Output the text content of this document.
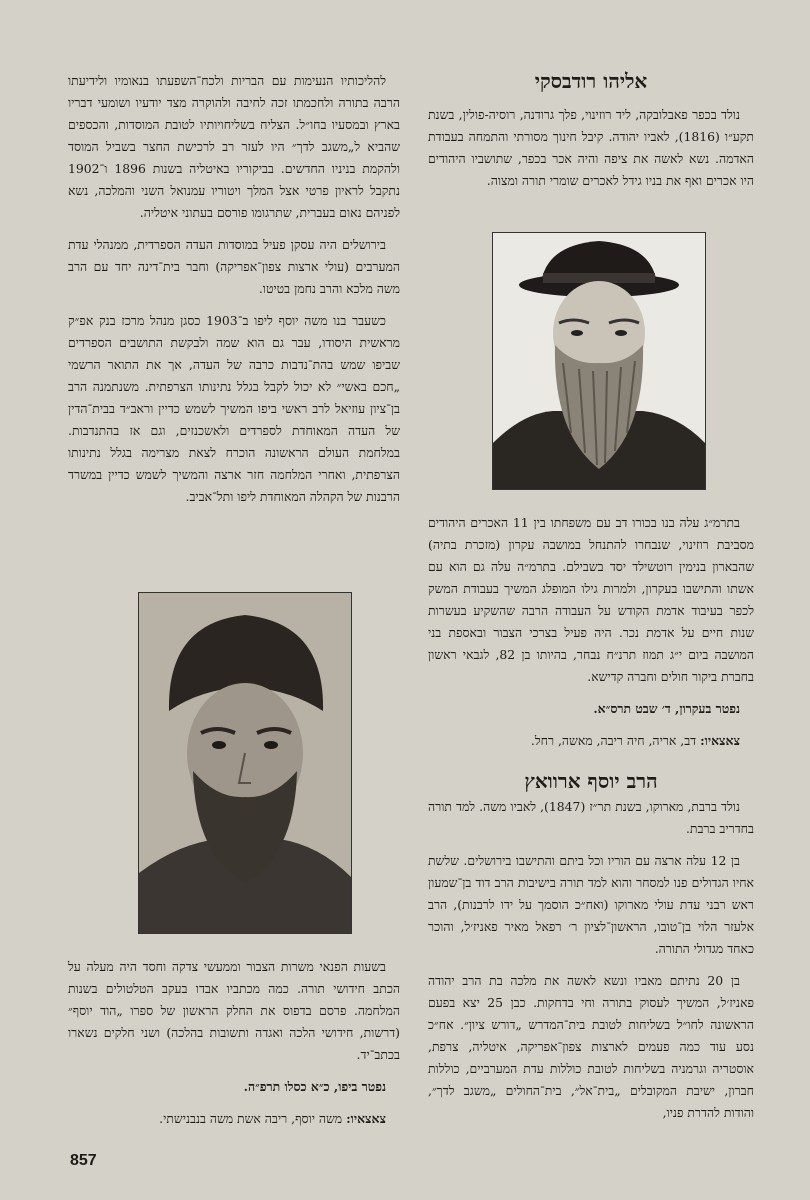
אליהו רודבסקי

נולד בכפר פאבלובקה, ליד רוזינוי, פלך גרודנה, רוסיה-פולין, בשנת תקע״ו (1816), לאביו יהודה. קיבל חינוך מסורתי והתמחה בעבודת האדמה. נשא לאשה את ציפה והיה אכר בכפר, שתושביו היהודים היו אכרים ואף את בניו גידל לאכרים שומרי תורה ומצוה.

בתרמ״ג עלה בנו בכורו דב עם משפחתו בין 11 האכרים היהודים מסביבת רוזינוי, שנבחרו להתנחל במושבה עקרון (מזכרת בתיה) שהבארון בנימין רוטשילד יסד בשבילם. בתרמ״ה עלה גם הוא עם אשתו והתישבו בעקרון, ולמרות גילו המופלג המשיך בעבודת המשק לכפר בעיבוד אדמת הקודש על העבודה הרבה שהשקיע בעשרות שנות חיים על אדמת נכר. היה פעיל בצרכי הצבור ובאספת בני המושבה ביום י״ג תמוז תרנ״ח נבחר, בהיותו בן 82, לגבאי ראשון בחברת ביקור חולים וחברה קדישא.

נפטר בעקרון, ד׳ שבט תרס״א.

צאצאיו: דב, אריה, חיה ריבה, מאשה, רחל.

הרב יוסף ארוואץ

נולד ברבת, מארוקו, בשנת תר״ז (1847), לאביו משה. למד תורה בחדריב ברבת.

בן 12 עלה ארצה עם הוריו וכל ביתם והתישבו בירושלים. שלשת אחיו הגדולים פנו למסחר והוא למד תורה בישיבות הרב דוד בן־שמעון ראש רבני עדת עולי מארוקו (ואח״כ הוסמך על ידו לרבנות), הרב אלעזר הלוי בן־טובו, הראשון־לציון ר׳ רפאל מאיר פאניז׳ל, והוכר כאחד מגדולי התורה.

בן 20 נתיתם מאביו ונשא לאשה את מלכה בת הרב יהודה פאניז׳ל, המשיך לעסוק בתורה וחי בדחקות. כבן 25 יצא בפעם הראשונה לחו״ל בשליחות לטובת בית־המדרש „דורש ציון״. אח״כ נסע עוד כמה פעמים לארצות צפון־אפריקה, איטליה, צרפת, אוסטריה וגרמניה בשליחות לטובת כוללות עדת המערביים, כוללות חברון, ישיבת המקובלים „בית־אל״, בית־החולים „משגב לדך״, והודות להדרת פניו,

להליכותיו הנעימות עם הבריות ולכח־השפעתו בנאומיו ולידיעתו הרבה בתורה ולחכמתו זכה לחיבה ולהוקרה מצד יודעיו ושומעי דבריו בארץ ובמסעיו בחו״ל. הצליח בשליחויותיו לטובת המוסדות, והכספים שהביא ל„משגב לדך״ היו לעזר רב לרכישת החצר בשביל המוסד ולהקמת בניניו החדשים. בביקוריו באיטליה בשנות 1896 ו־1902 נתקבל לראיון פרטי אצל המלך ויטוריו עמנואל השני והמלכה, נשא לפניהם נאום בעברית, שתרגומו פורסם בעתוני איטליה.

בירושלים היה עסקן פעיל במוסדות העדה הספרדית, ממנהלי עדת המערבים (עולי ארצות צפון־אפריקה) וחבר בית־דינה יחד עם הרב משה מלכא והרב נחמן בטיטו.

כשעבר בנו משה יוסף ליפו ב־1903 כסגן מנהל מרכז בנק אפ״ק מראשית היסודו, עבר גם הוא שמה ולבקשת התושבים הספרדים שביפו שמש בהת־נדבות כרבה של העדה, אך את התואר הרשמי „חכם באשי״ לא יכול לקבל בגלל נתינותו הצרפתית. משנתמנה הרב בן־ציון עוזיאל לרב ראשי ביפו המשיך לשמש כדיין וראב״ד בבית־הדין של העדה המאוחדת לספרדים ולאשכנזים, וגם אז בהתנדבות. במלחמת העולם הראשונה הוכרח לצאת מצרימה בגלל נתינותו הצרפתית, ואחרי המלחמה חזר ארצה והמשיך לשמש כדיין במשרד הרבנות של הקהלה המאוחדת ליפו ותל־אביב.

בשעות הפנאי משרות הצבור וממעשי צדקה וחסד היה מעלה על הכתב חידושי תורה. כמה מכתביו אבדו בעקב הטלטולים בשנות המלחמה. פרסם בדפוס את החלק הראשון של ספרו „הוד יוסף״ (דרשות, חידושי הלכה ואגדה ותשובות בהלכה) ושני חלקים נשארו בכתב־יד.

נפטר ביפו, כ״א כסלו תרפ״ה.

צאצאיו: משה יוסף, ריבה אשת משה בנבנישתי.

857
